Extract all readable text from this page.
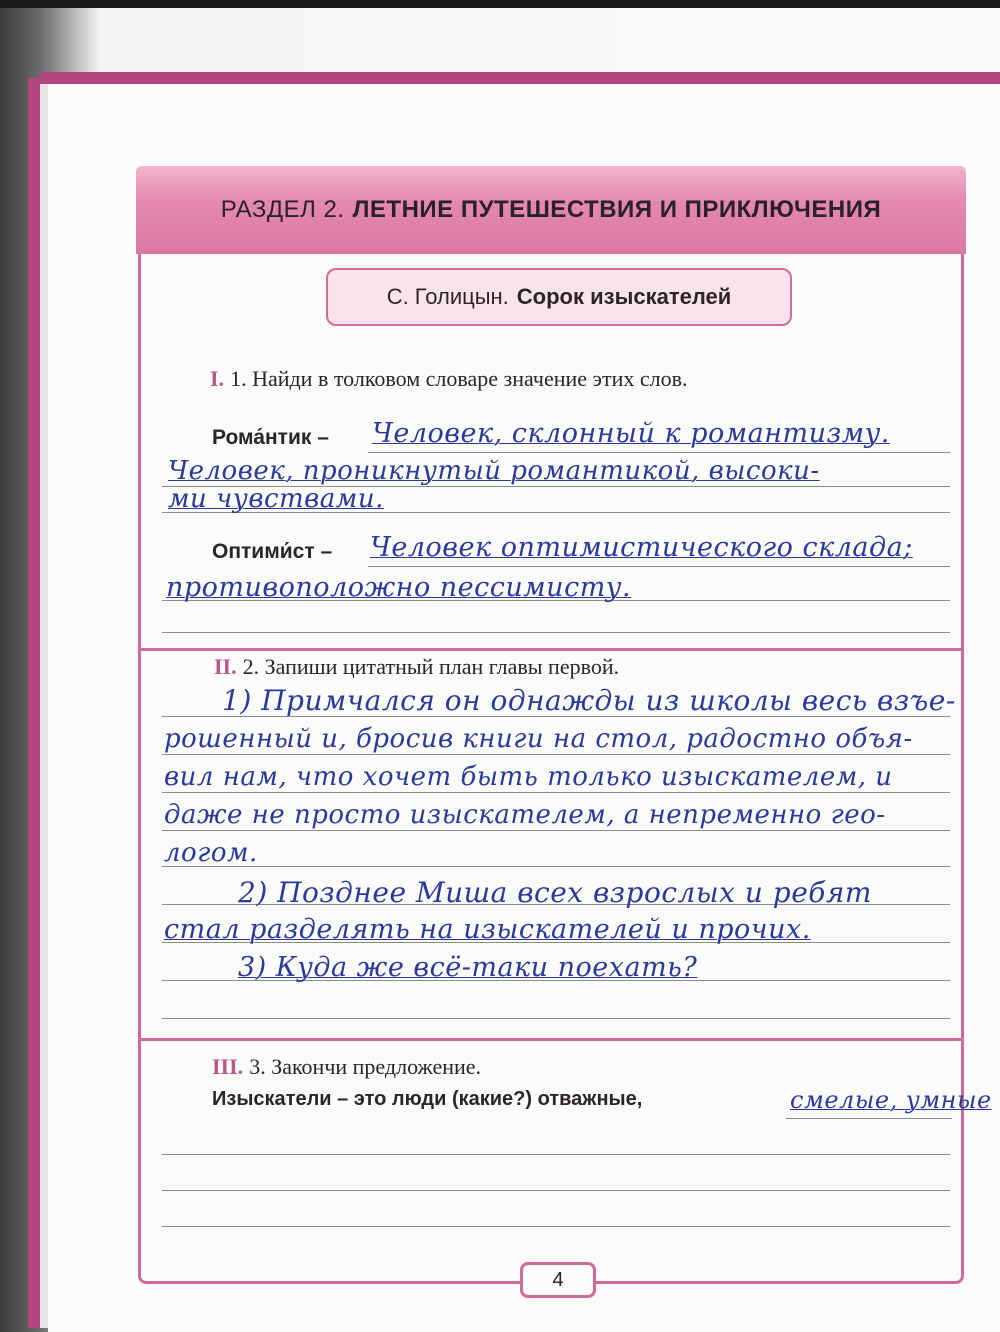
РАЗДЕЛ 2. ЛЕТНИЕ ПУТЕШЕСТВИЯ И ПРИКЛЮЧЕНИЯ
С. Голицын. Сорок изыскателей
I. 1. Найди в толковом словаре значение этих слов.
Рома́нтик – Человек, склонный к романтизму.
Человек, проникнутый романтикой, высоки-
ми чувствами.
Оптими́ст – Человек оптимистического склада;
противоположно пессимисту.
II. 2. Запиши цитатный план главы первой.
1) Примчался он однажды из школы весь взъе-
рошенный и, бросив книги на стол, радостно объя-
вил нам, что хочет быть только изыскателем, и
даже не просто изыскателем, а непременно гео-
логом.
2) Позднее Миша всех взрослых и ребят
стал разделять на изыскателей и прочих.
3) Куда же всё-таки поехать?
III. 3. Закончи предложение.
Изыскатели – это люди (какие?) отважные,	смелые, умные
4
